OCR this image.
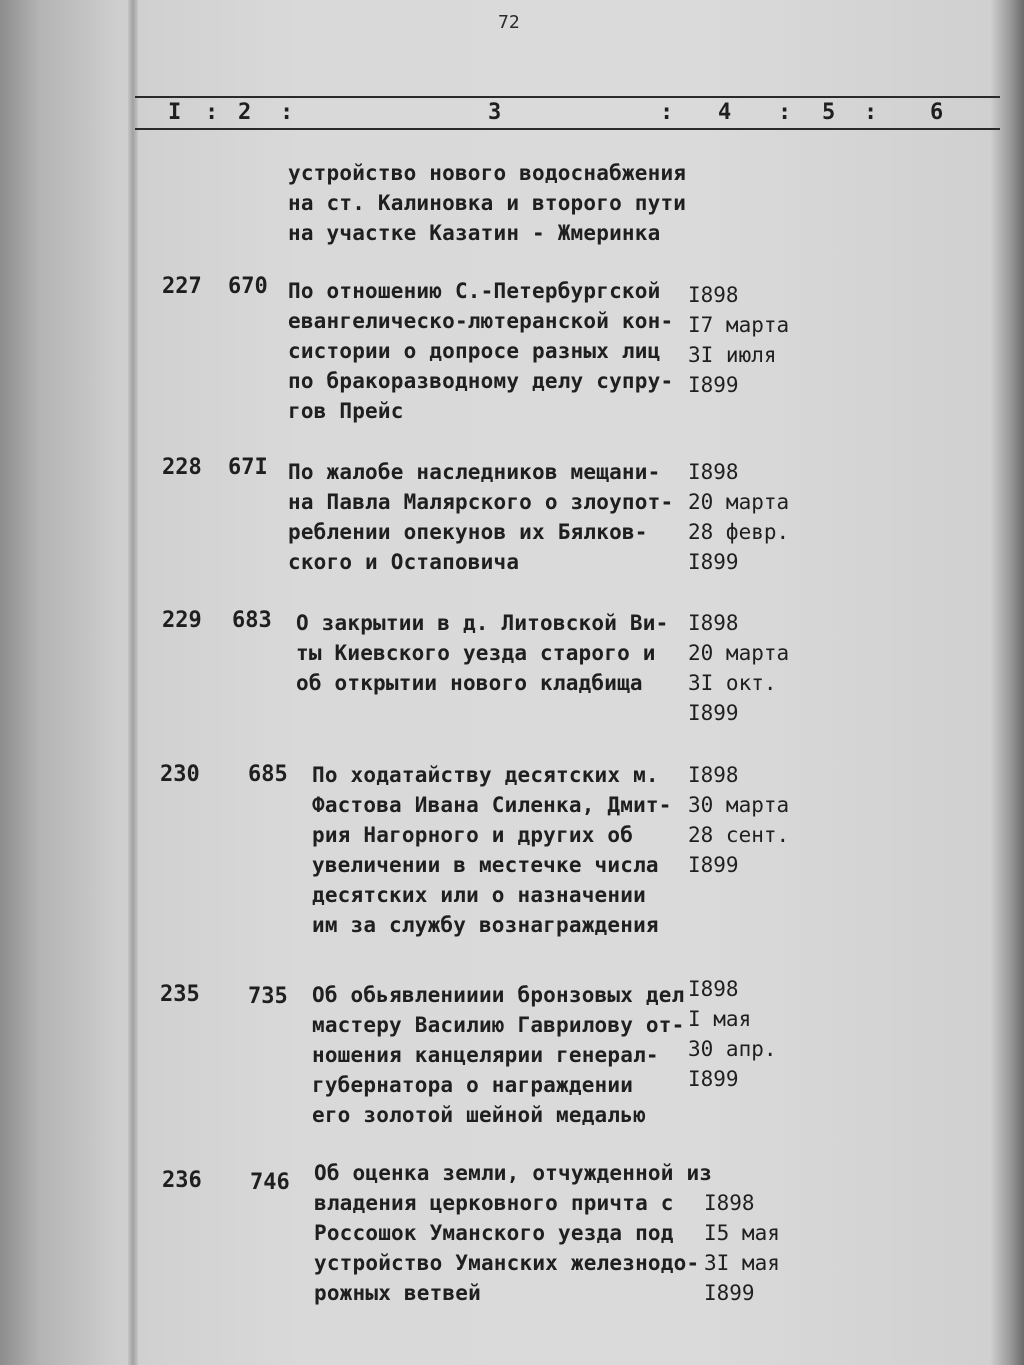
72
I : 2 :	3	: 4 : 5 : 6
устройство нового водоснабжения
на ст. Калиновка и второго пути
на участке Казатин - Жмеринка
227 670 По отношению С.-Петербургской
евангелическо-лютеранской кон-
систории о допросе разных лиц
по бракоразводному делу супру-
гов Прейс
I898
I7 марта
3I июля
I899
228 67I По жалобе наследников мещани-
на Павла Малярского о злоупот-
реблении опекунов их Бялков-
ского и Остаповича
I898
20 марта
28 февр.
I899
229 683 О закрытии в д. Литовской Ви-
ты Киевского уезда старого и
об открытии нового кладбища
I898
20 марта
3I окт.
I899
230 685 По ходатайству десятских м.
Фастова Ивана Силенка, Дмит-
рия Нагорного и других об
увеличении в местечке числа
десятских или о назначении
им за службу вознаграждения
I898
30 марта
28 сент.
I899
235 735 Об обьявленииии бронзовых дел
мастеру Василию Гаврилову от-
ношения канцелярии генерал-
губернатора о награждении
его золотой шейной медалью
I898
I мая
30 апр.
I899
236 746 Об оценка земли, отчужденной из
владения церковного причта с
Россошок Уманского уезда под
устройство Уманских железнодо-
рожных ветвей
I898
I5 мая
3I мая
I899
